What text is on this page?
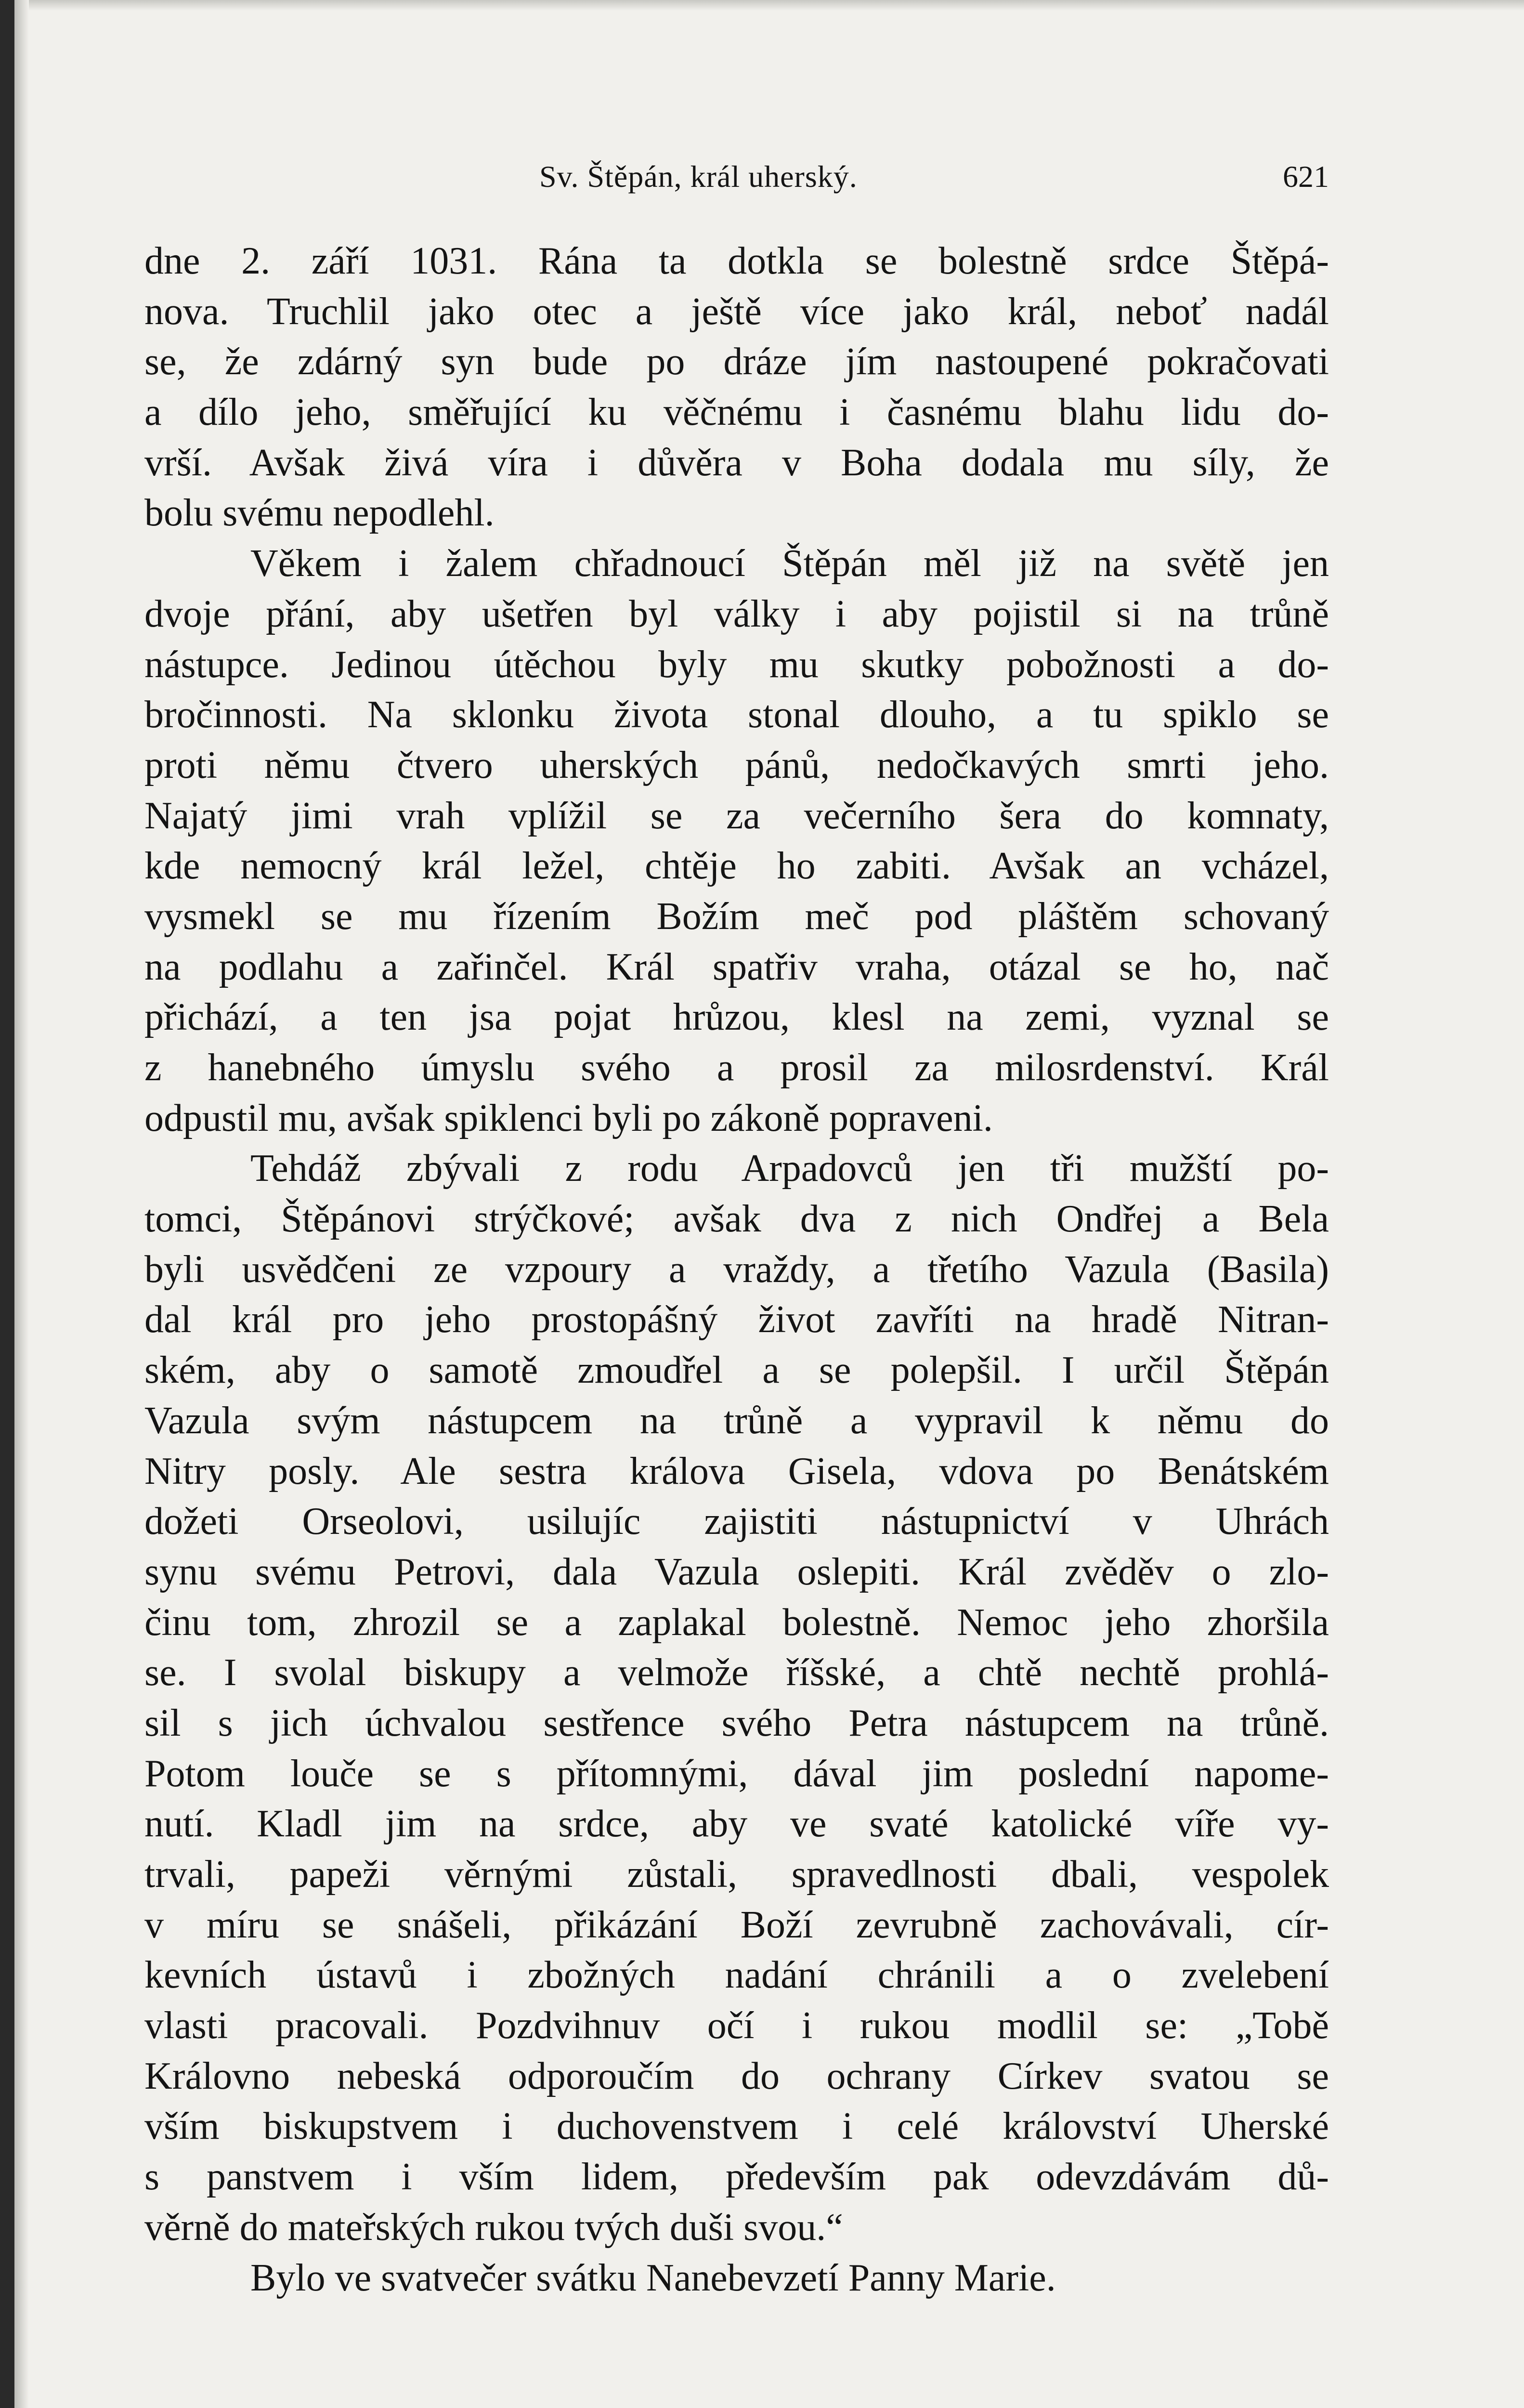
Sv. Štěpán, král uherský.	621
dne 2. září 1031. Rána ta dotkla se bolestně srdce Štěpá-
nova. Truchlil jako otec a ještě více jako král, neboť nadál
se, že zdárný syn bude po dráze jím nastoupené pokračovati
a dílo jeho, směřující ku věčnému i časnému blahu lidu do-
vrší. Avšak živá víra i důvěra v Boha dodala mu síly, že
bolu svému nepodlehl.
Věkem i žalem chřadnoucí Štěpán měl již na světě jen
dvoje přání, aby ušetřen byl války i aby pojistil si na trůně
nástupce. Jedinou útěchou byly mu skutky pobožnosti a do-
bročinnosti. Na sklonku života stonal dlouho, a tu spiklo se
proti němu čtvero uherských pánů, nedočkavých smrti jeho.
Najatý jimi vrah vplížil se za večerního šera do komnaty,
kde nemocný král ležel, chtěje ho zabiti. Avšak an vcházel,
vysmekl se mu řízením Božím meč pod pláštěm schovaný
na podlahu a zařinčel. Král spatřiv vraha, otázal se ho, nač
přichází, a ten jsa pojat hrůzou, klesl na zemi, vyznal se
z hanebného úmyslu svého a prosil za milosrdenství. Král
odpustil mu, avšak spiklenci byli po zákoně popraveni.
Tehdáž zbývali z rodu Arpadovců jen tři mužští po-
tomci, Štěpánovi strýčkové; avšak dva z nich Ondřej a Bela
byli usvědčeni ze vzpoury a vraždy, a třetího Vazula (Basila)
dal král pro jeho prostopášný život zavříti na hradě Nitran-
ském, aby o samotě zmoudřel a se polepšil. I určil Štěpán
Vazula svým nástupcem na trůně a vypravil k němu do
Nitry posly. Ale sestra králova Gisela, vdova po Benátském
dožeti Orseolovi, usilujíc zajistiti nástupnictví v Uhrách
synu svému Petrovi, dala Vazula oslepiti. Král zvěděv o zlo-
činu tom, zhrozil se a zaplakal bolestně. Nemoc jeho zhoršila
se. I svolal biskupy a velmože říšské, a chtě nechtě prohlá-
sil s jich úchvalou sestřence svého Petra nástupcem na trůně.
Potom louče se s přítomnými, dával jim poslední napome-
nutí. Kladl jim na srdce, aby ve svaté katolické víře vy-
trvali, papeži věrnými zůstali, spravedlnosti dbali, vespolek
v míru se snášeli, přikázání Boží zevrubně zachovávali, cír-
kevních ústavů i zbožných nadání chránili a o zvelebení
vlasti pracovali. Pozdvihnuv očí i rukou modlil se: „Tobě
Královno nebeská odporoučím do ochrany Církev svatou se
vším biskupstvem i duchovenstvem i celé království Uherské
s panstvem i vším lidem, především pak odevzdávám dů-
věrně do mateřských rukou tvých duši svou.“
Bylo ve svatvečer svátku Nanebevzetí Panny Marie.
